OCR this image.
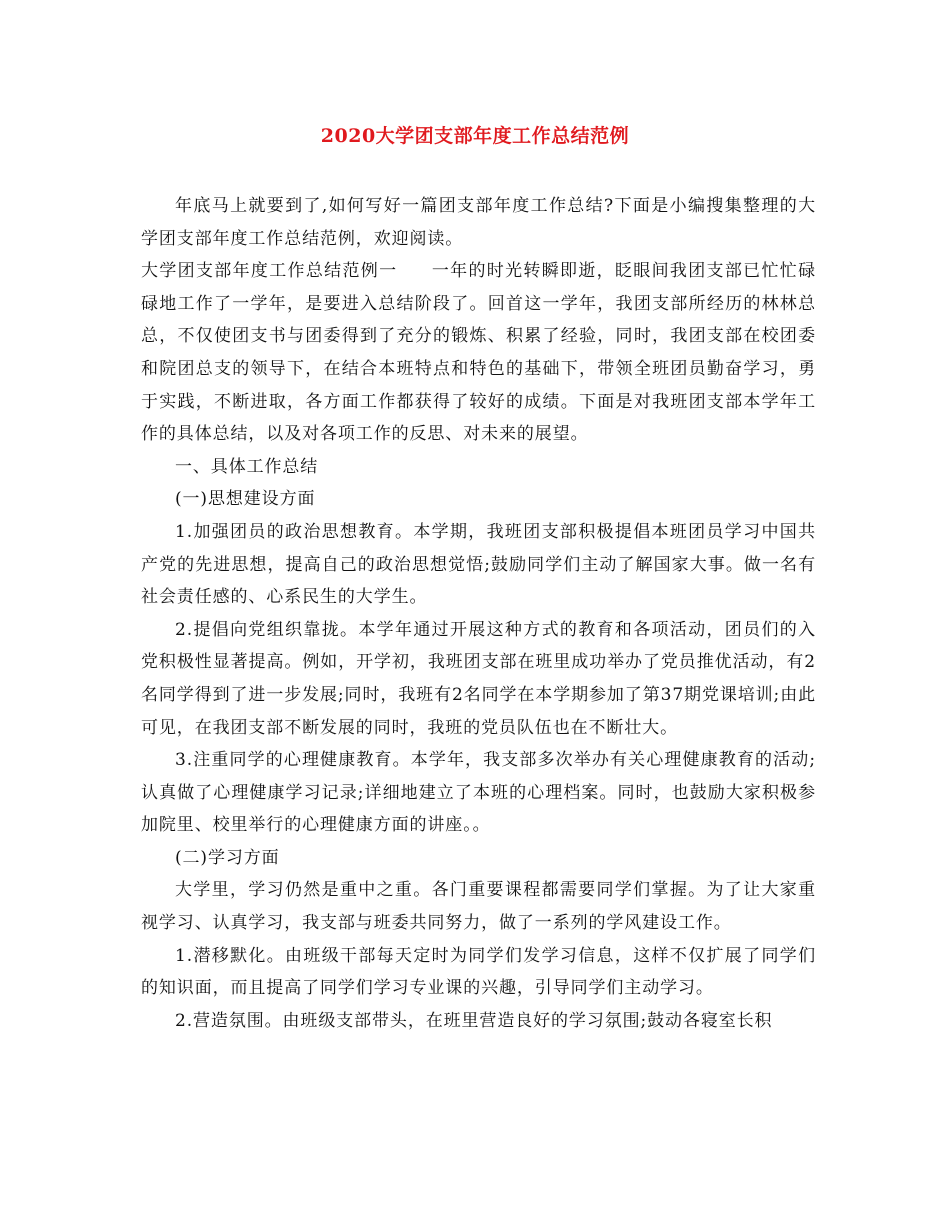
2020大学团支部年度工作总结范例

年底马上就要到了,如何写好一篇团支部年度工作总结?下面是小编搜集整理的大学团支部年度工作总结范例，欢迎阅读。

大学团支部年度工作总结范例一 一年的时光转瞬即逝，眨眼间我团支部已忙忙碌碌地工作了一学年，是要进入总结阶段了。回首这一学年，我团支部所经历的林林总总，不仅使团支书与团委得到了充分的锻炼、积累了经验，同时，我团支部在校团委和院团总支的领导下，在结合本班特点和特色的基础下，带领全班团员勤奋学习，勇于实践，不断进取，各方面工作都获得了较好的成绩。下面是对我班团支部本学年工作的具体总结，以及对各项工作的反思、对未来的展望。

一、具体工作总结

(一)思想建设方面

1.加强团员的政治思想教育。本学期，我班团支部积极提倡本班团员学习中国共产党的先进思想，提高自己的政治思想觉悟;鼓励同学们主动了解国家大事。做一名有社会责任感的、心系民生的大学生。

2.提倡向党组织靠拢。本学年通过开展这种方式的教育和各项活动，团员们的入党积极性显著提高。例如，开学初，我班团支部在班里成功举办了党员推优活动，有2名同学得到了进一步发展;同时，我班有2名同学在本学期参加了第37期党课培训;由此可见，在我团支部不断发展的同时，我班的党员队伍也在不断壮大。

3.注重同学的心理健康教育。本学年，我支部多次举办有关心理健康教育的活动;认真做了心理健康学习记录;详细地建立了本班的心理档案。同时，也鼓励大家积极参加院里、校里举行的心理健康方面的讲座。。

(二)学习方面

大学里，学习仍然是重中之重。各门重要课程都需要同学们掌握。为了让大家重视学习、认真学习，我支部与班委共同努力，做了一系列的学风建设工作。

1.潜移默化。由班级干部每天定时为同学们发学习信息，这样不仅扩展了同学们的知识面，而且提高了同学们学习专业课的兴趣，引导同学们主动学习。

2.营造氛围。由班级支部带头，在班里营造良好的学习氛围;鼓动各寝室长积
